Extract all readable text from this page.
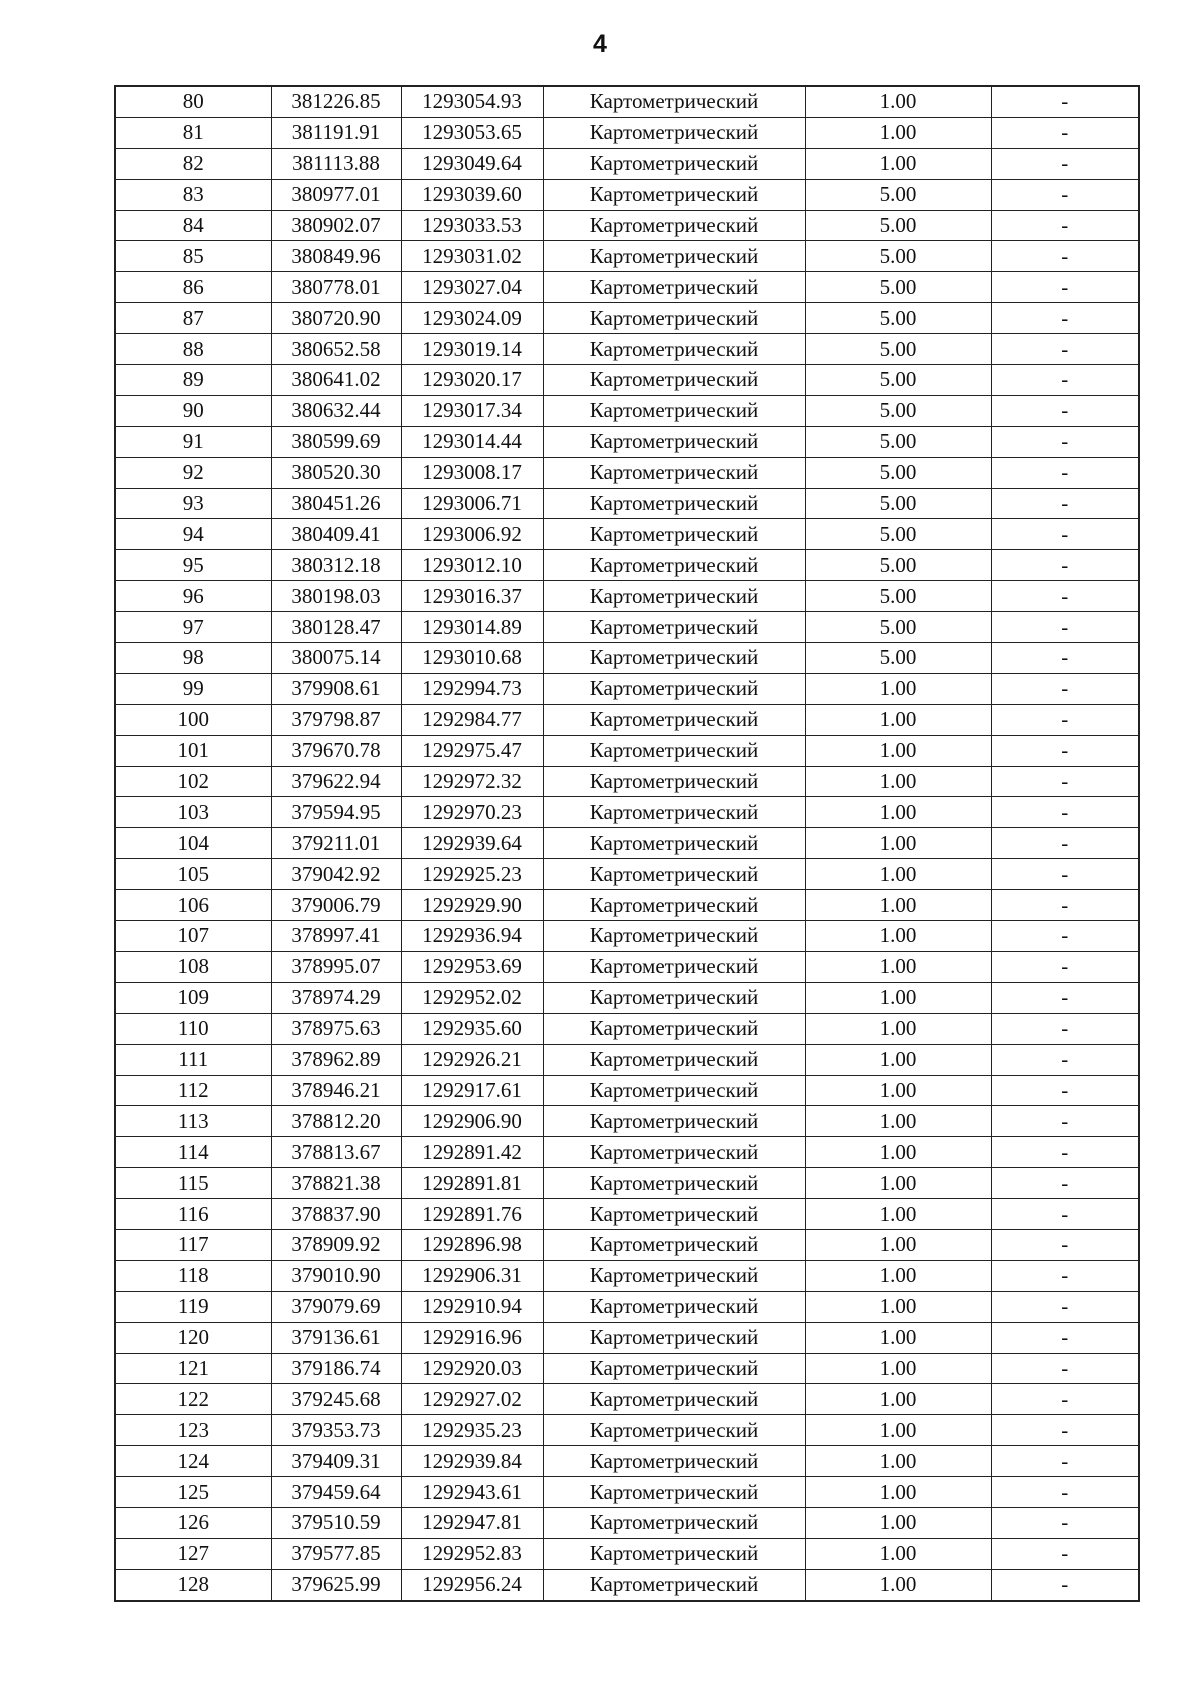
4
80	381226.85	1293054.93	Картометрический	1.00	-
81	381191.91	1293053.65	Картометрический	1.00	-
82	381113.88	1293049.64	Картометрический	1.00	-
83	380977.01	1293039.60	Картометрический	5.00	-
84	380902.07	1293033.53	Картометрический	5.00	-
85	380849.96	1293031.02	Картометрический	5.00	-
86	380778.01	1293027.04	Картометрический	5.00	-
87	380720.90	1293024.09	Картометрический	5.00	-
88	380652.58	1293019.14	Картометрический	5.00	-
89	380641.02	1293020.17	Картометрический	5.00	-
90	380632.44	1293017.34	Картометрический	5.00	-
91	380599.69	1293014.44	Картометрический	5.00	-
92	380520.30	1293008.17	Картометрический	5.00	-
93	380451.26	1293006.71	Картометрический	5.00	-
94	380409.41	1293006.92	Картометрический	5.00	-
95	380312.18	1293012.10	Картометрический	5.00	-
96	380198.03	1293016.37	Картометрический	5.00	-
97	380128.47	1293014.89	Картометрический	5.00	-
98	380075.14	1293010.68	Картометрический	5.00	-
99	379908.61	1292994.73	Картометрический	1.00	-
100	379798.87	1292984.77	Картометрический	1.00	-
101	379670.78	1292975.47	Картометрический	1.00	-
102	379622.94	1292972.32	Картометрический	1.00	-
103	379594.95	1292970.23	Картометрический	1.00	-
104	379211.01	1292939.64	Картометрический	1.00	-
105	379042.92	1292925.23	Картометрический	1.00	-
106	379006.79	1292929.90	Картометрический	1.00	-
107	378997.41	1292936.94	Картометрический	1.00	-
108	378995.07	1292953.69	Картометрический	1.00	-
109	378974.29	1292952.02	Картометрический	1.00	-
110	378975.63	1292935.60	Картометрический	1.00	-
111	378962.89	1292926.21	Картометрический	1.00	-
112	378946.21	1292917.61	Картометрический	1.00	-
113	378812.20	1292906.90	Картометрический	1.00	-
114	378813.67	1292891.42	Картометрический	1.00	-
115	378821.38	1292891.81	Картометрический	1.00	-
116	378837.90	1292891.76	Картометрический	1.00	-
117	378909.92	1292896.98	Картометрический	1.00	-
118	379010.90	1292906.31	Картометрический	1.00	-
119	379079.69	1292910.94	Картометрический	1.00	-
120	379136.61	1292916.96	Картометрический	1.00	-
121	379186.74	1292920.03	Картометрический	1.00	-
122	379245.68	1292927.02	Картометрический	1.00	-
123	379353.73	1292935.23	Картометрический	1.00	-
124	379409.31	1292939.84	Картометрический	1.00	-
125	379459.64	1292943.61	Картометрический	1.00	-
126	379510.59	1292947.81	Картометрический	1.00	-
127	379577.85	1292952.83	Картометрический	1.00	-
128	379625.99	1292956.24	Картометрический	1.00	-
